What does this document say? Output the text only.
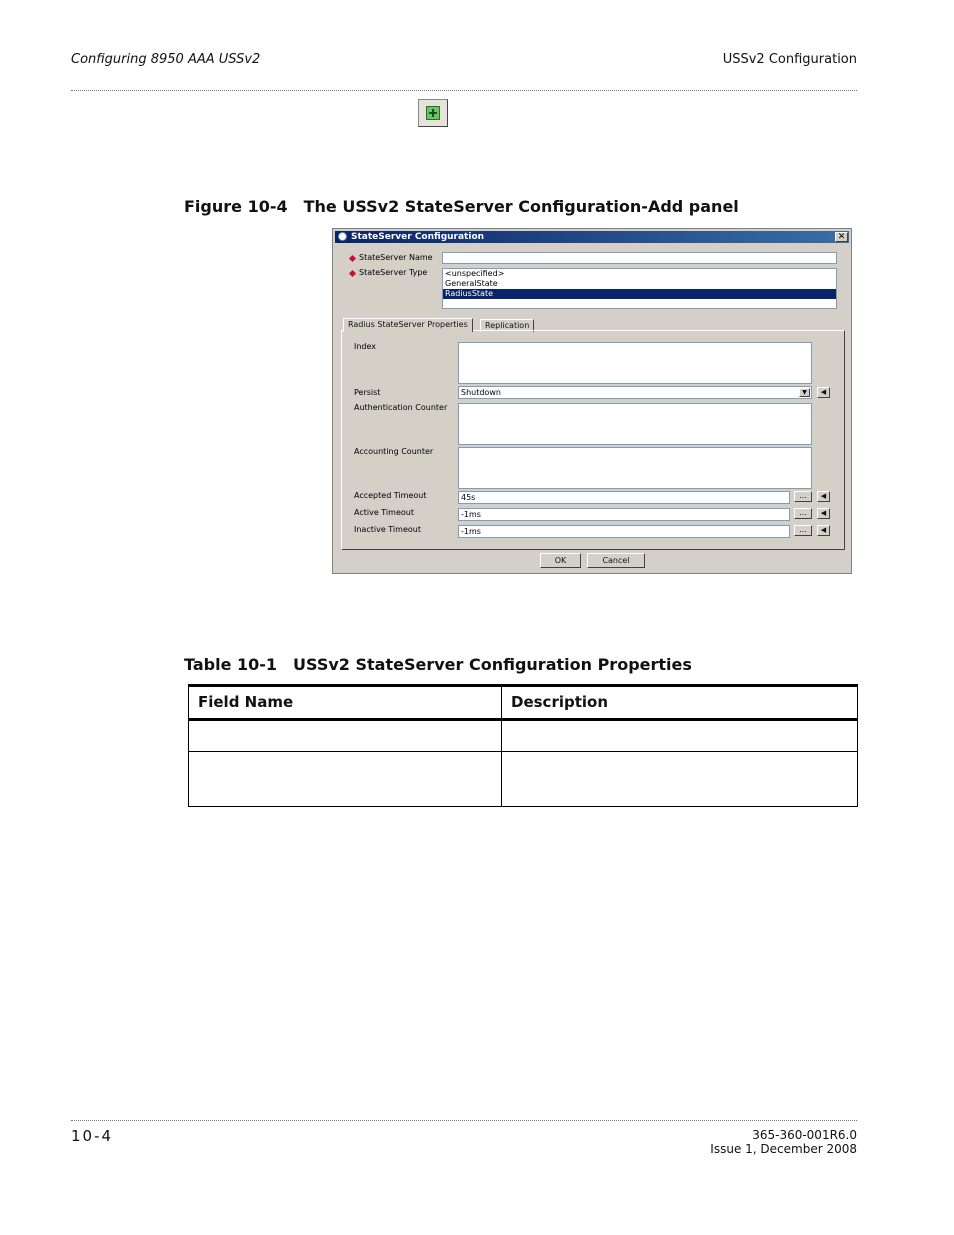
Configuring 8950 AAA USSv2	USSv2 Configuration
Figure 10-4 The USSv2 StateServer Configuration-Add panel
StateServer Configuration	✕
StateServer Name
StateServer Type <unspecified>
GeneralState
RadiusState
Radius StateServer Properties	Replication
Index
Persist	Shutdown	▼	◀
Authentication Counter
Accounting Counter
Accepted Timeout	45s	...	◀
Active Timeout	-1ms	...	◀
Inactive Timeout	-1ms	...	◀
OK	Cancel
Table 10-1 USSv2 StateServer Configuration Properties
Field Name	Description

10-4	365-360-001R6.0
Issue 1, December 2008
